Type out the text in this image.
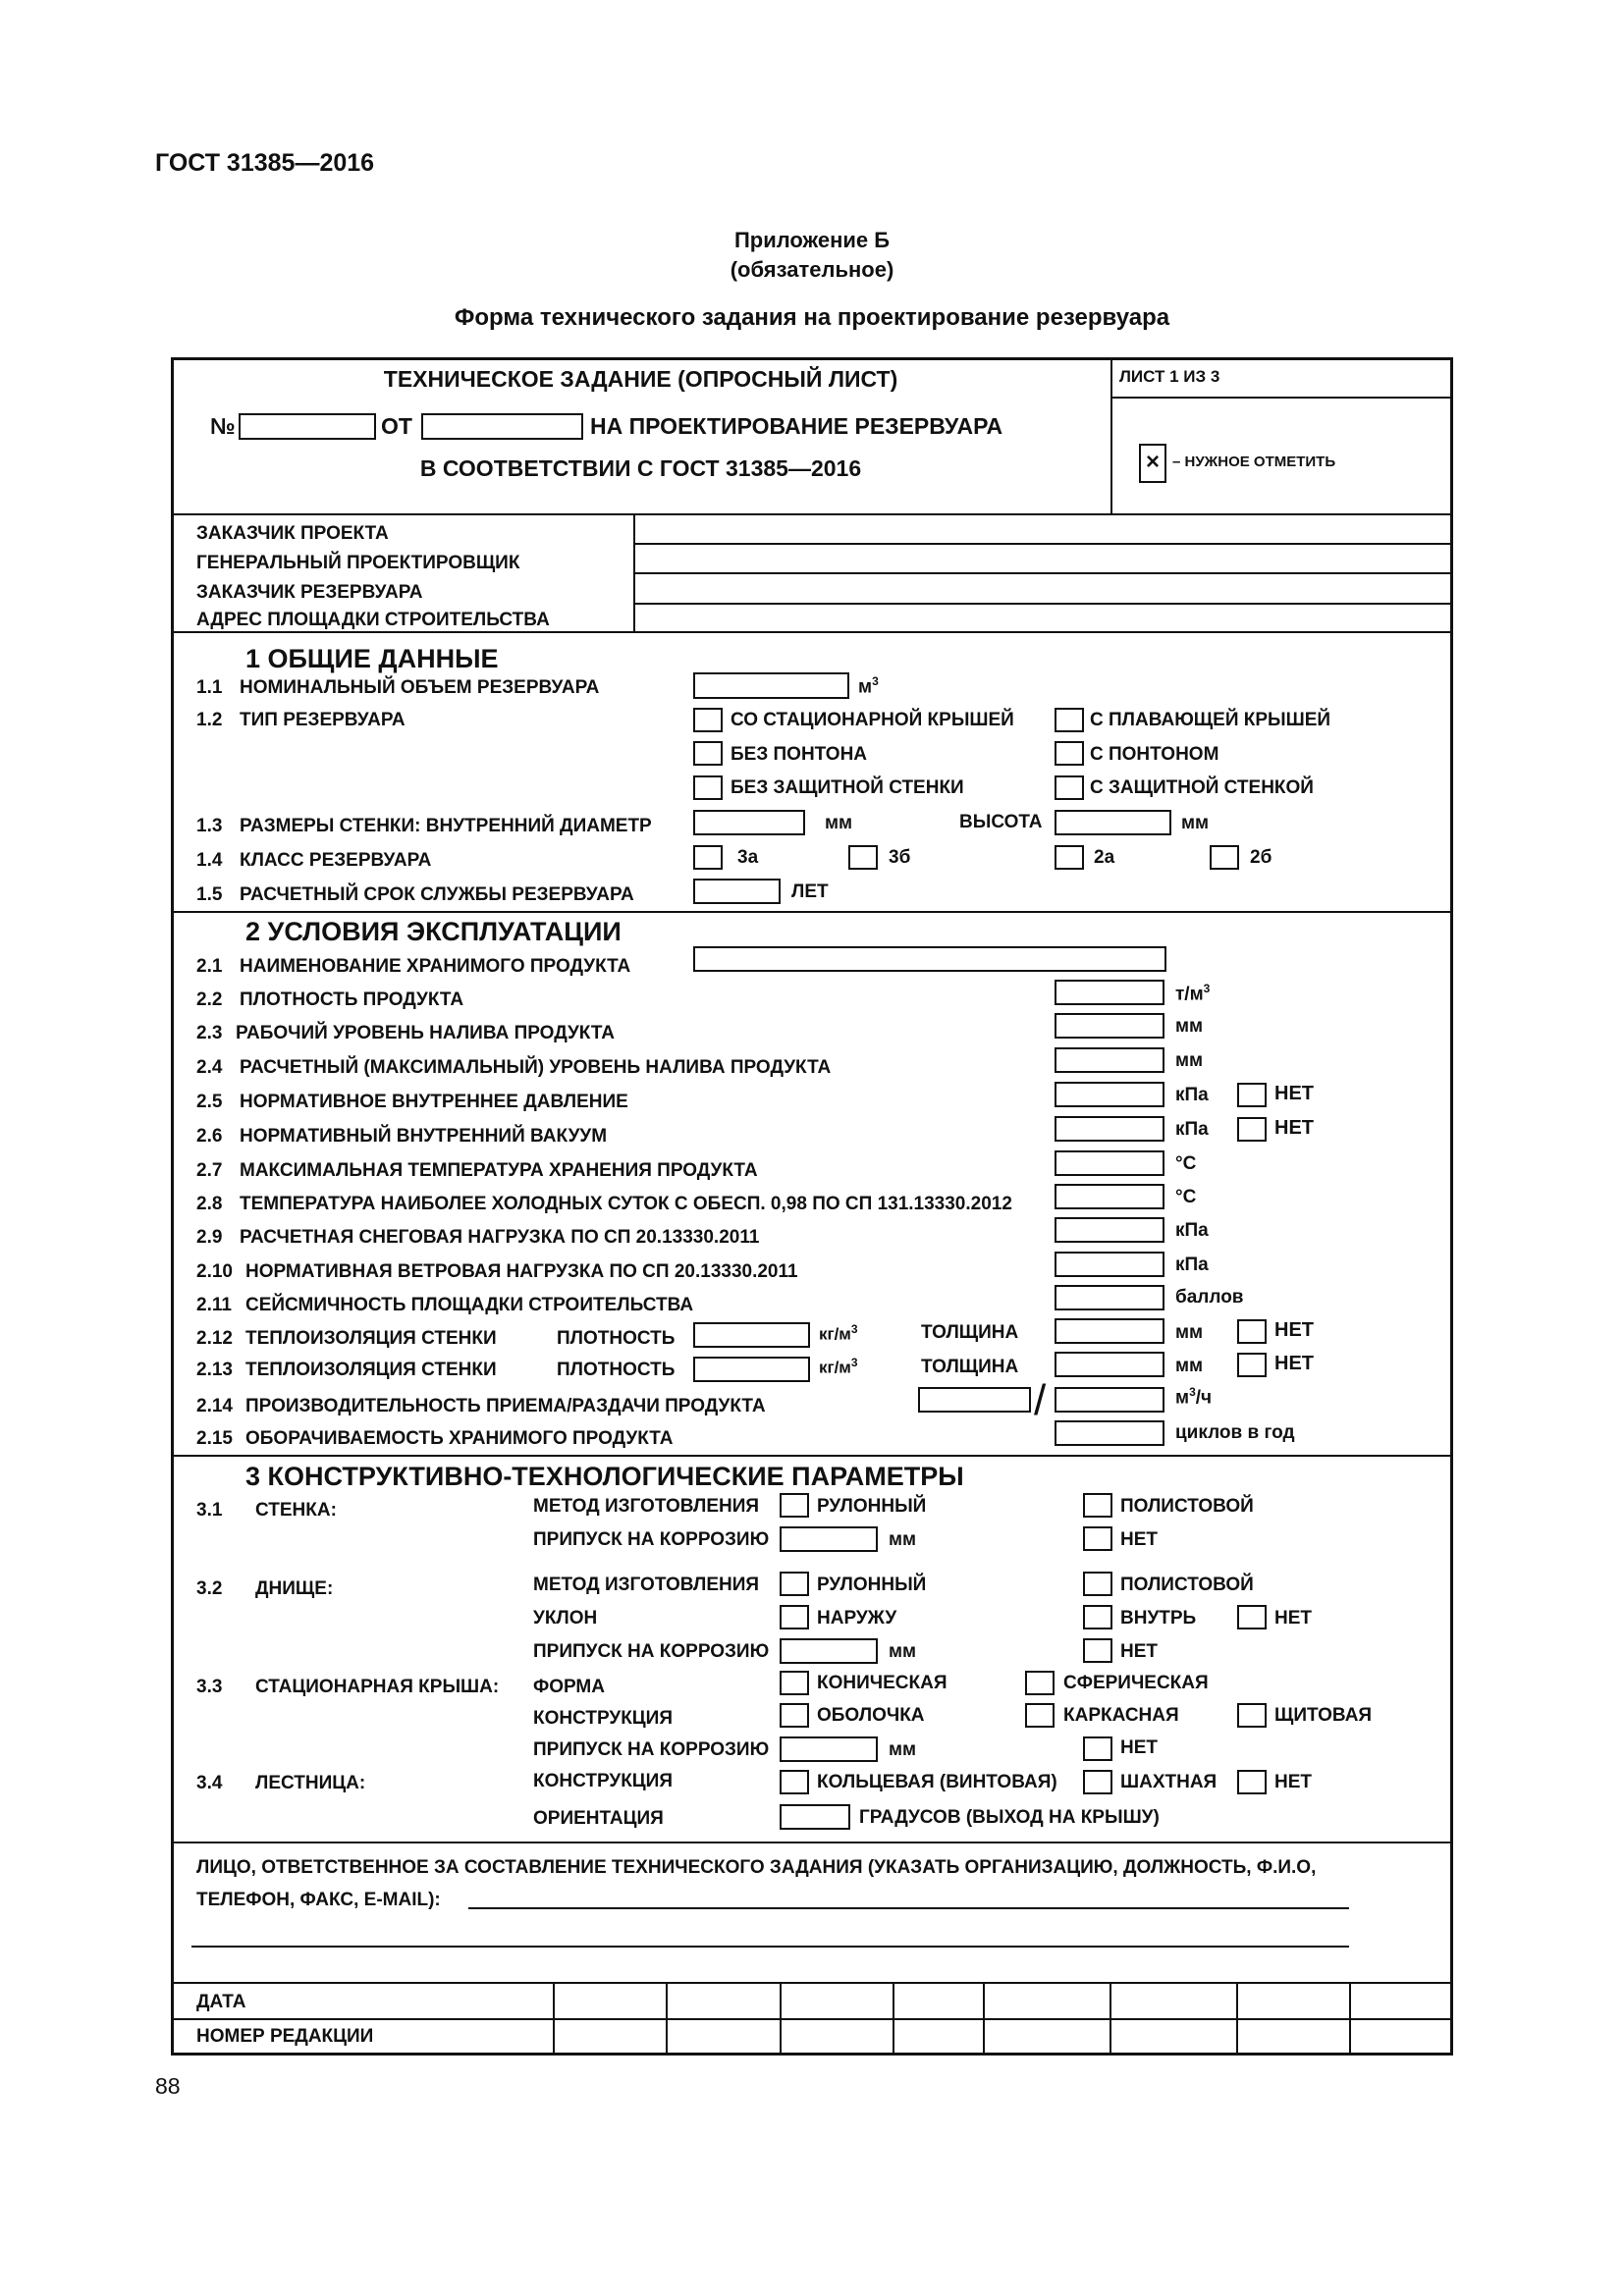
ГОСТ 31385—2016
Приложение Б
(обязательное)
Форма технического задания на проектирование резервуара
ТЕХНИЧЕСКОЕ ЗАДАНИЕ (ОПРОСНЫЙ ЛИСТ)
№	ОТ	НА ПРОЕКТИРОВАНИЕ РЕЗЕРВУАРА
В СООТВЕТСТВИИ С ГОСТ 31385—2016
ЛИСТ 1 ИЗ 3
× – НУЖНОЕ ОТМЕТИТЬ
ЗАКАЗЧИК ПРОЕКТА
ГЕНЕРАЛЬНЫЙ ПРОЕКТИРОВЩИК
ЗАКАЗЧИК РЕЗЕРВУАРА
АДРЕС ПЛОЩАДКИ СТРОИТЕЛЬСТВА
1 ОБЩИЕ ДАННЫЕ
1.1 НОМИНАЛЬНЫЙ ОБЪЕМ РЕЗЕРВУАРА	$м^3$
1.2 ТИП РЕЗЕРВУАРА	СО СТАЦИОНАРНОЙ КРЫШЕЙ	С ПЛАВАЮЩЕЙ КРЫШЕЙ
БЕЗ ПОНТОНА	С ПОНТОНОМ
БЕЗ ЗАЩИТНОЙ СТЕНКИ	С ЗАЩИТНОЙ СТЕНКОЙ
1.3 РАЗМЕРЫ СТЕНКИ: ВНУТРЕННИЙ ДИАМЕТР	мм	ВЫСОТА	мм
1.4 КЛАСС РЕЗЕРВУАРА	3а	3б	2а	2б
1.5 РАСЧЕТНЫЙ СРОК СЛУЖБЫ РЕЗЕРВУАРА	ЛЕТ
2 УСЛОВИЯ ЭКСПЛУАТАЦИИ
2.1 НАИМЕНОВАНИЕ ХРАНИМОГО ПРОДУКТА
2.2 ПЛОТНОСТЬ ПРОДУКТА	$т/м^3$
2.3 РАБОЧИЙ УРОВЕНЬ НАЛИВА ПРОДУКТА	мм
2.4 РАСЧЕТНЫЙ (МАКСИМАЛЬНЫЙ) УРОВЕНЬ НАЛИВА ПРОДУКТА	мм
2.5 НОРМАТИВНОЕ ВНУТРЕННЕЕ ДАВЛЕНИЕ	кПа	НЕТ
2.6 НОРМАТИВНЫЙ ВНУТРЕННИЙ ВАКУУМ	кПа	НЕТ
2.7 МАКСИМАЛЬНАЯ ТЕМПЕРАТУРА ХРАНЕНИЯ ПРОДУКТА	°С
2.8 ТЕМПЕРАТУРА НАИБОЛЕЕ ХОЛОДНЫХ СУТОК С ОБЕСП. 0,98 ПО СП 131.13330.2012	°С
2.9 РАСЧЕТНАЯ СНЕГОВАЯ НАГРУЗКА ПО СП 20.13330.2011	кПа
2.10 НОРМАТИВНАЯ ВЕТРОВАЯ НАГРУЗКА ПО СП 20.13330.2011	кПа
2.11 СЕЙСМИЧНОСТЬ ПЛОЩАДКИ СТРОИТЕЛЬСТВА	баллов
2.12 ТЕПЛОИЗОЛЯЦИЯ СТЕНКИ	ПЛОТНОСТЬ	$кг/м^3$	ТОЛЩИНА	мм	НЕТ
2.13 ТЕПЛОИЗОЛЯЦИЯ СТЕНКИ	ПЛОТНОСТЬ	$кг/м^3$	ТОЛЩИНА	мм	НЕТ
2.14 ПРОИЗВОДИТЕЛЬНОСТЬ ПРИЕМА/РАЗДАЧИ ПРОДУКТА	/	$м^3/ч$
2.15 ОБОРАЧИВАЕМОСТЬ ХРАНИМОГО ПРОДУКТА	циклов в год
3 КОНСТРУКТИВНО-ТЕХНОЛОГИЧЕСКИЕ ПАРАМЕТРЫ
3.1 СТЕНКА:	МЕТОД ИЗГОТОВЛЕНИЯ	РУЛОННЫЙ	ПОЛИСТОВОЙ
ПРИПУСК НА КОРРОЗИЮ	мм	НЕТ
3.2 ДНИЩЕ:	МЕТОД ИЗГОТОВЛЕНИЯ	РУЛОННЫЙ	ПОЛИСТОВОЙ
УКЛОН	НАРУЖУ	ВНУТРЬ	НЕТ
ПРИПУСК НА КОРРОЗИЮ	мм	НЕТ
3.3 СТАЦИОНАРНАЯ КРЫША: ФОРМА	КОНИЧЕСКАЯ	СФЕРИЧЕСКАЯ
КОНСТРУКЦИЯ	ОБОЛОЧКА	КАРКАСНАЯ	ЩИТОВАЯ
ПРИПУСК НА КОРРОЗИЮ	мм	НЕТ
3.4 ЛЕСТНИЦА:	КОНСТРУКЦИЯ	КОЛЬЦЕВАЯ (ВИНТОВАЯ)	ШАХТНАЯ	НЕТ
ОРИЕНТАЦИЯ	ГРАДУСОВ (ВЫХОД НА КРЫШУ)
ЛИЦО, ОТВЕТСТВЕННОЕ ЗА СОСТАВЛЕНИЕ ТЕХНИЧЕСКОГО ЗАДАНИЯ (УКАЗАТЬ ОРГАНИЗАЦИЮ, ДОЛЖНОСТЬ, Ф.И.О,
ТЕЛЕФОН, ФАКС, E-MAIL):
ДАТА
НОМЕР РЕДАКЦИИ
88
